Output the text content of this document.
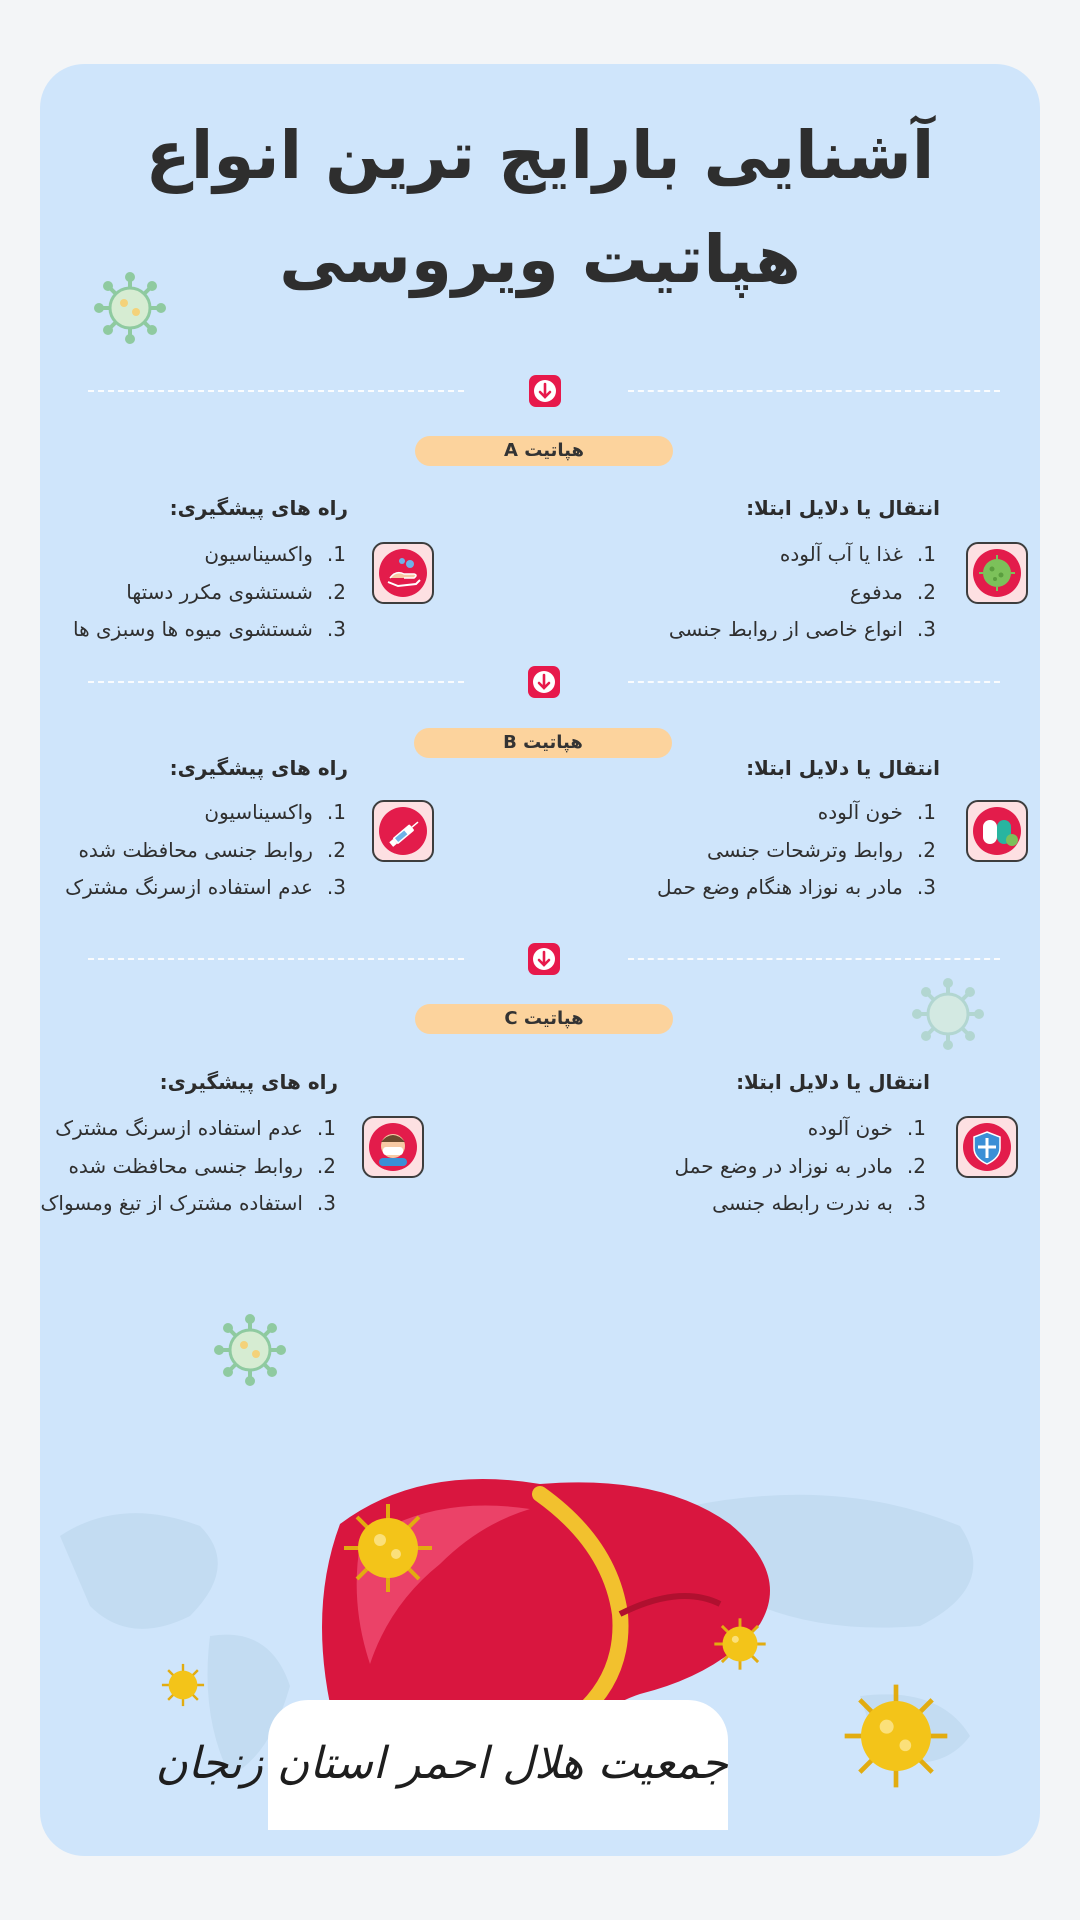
آشنایی بارایج ترین انواع
هپاتیت ویروسی
هپاتیت A
انتقال یا دلایل ابتلا:
1.غذا یا آب آلوده
2.مدفوع
3.انواع خاصی از روابط جنسی
راه های پیشگیری:
1.واکسیناسیون
2.شستشوی مکرر دستها
3.شستشوی میوه ها وسبزی ها
هپاتیت B
انتقال یا دلایل ابتلا:
1.خون آلوده
2.روابط وترشحات جنسی
3.مادر به نوزاد هنگام وضع حمل
راه های پیشگیری:
1.واکسیناسیون
2.روابط جنسی محافظت شده
3.عدم استفاده ازسرنگ مشترک
هپاتیت C
انتقال یا دلایل ابتلا:
1.خون آلوده
2.مادر به نوزاد در وضع حمل
3.به ندرت رابطه جنسی
راه های پیشگیری:
1.عدم استفاده ازسرنگ مشترک
2.روابط جنسی محافظت شده
3.استفاده مشترک از تیغ ومسواک
جمعیت هلال احمر استان زنجان
